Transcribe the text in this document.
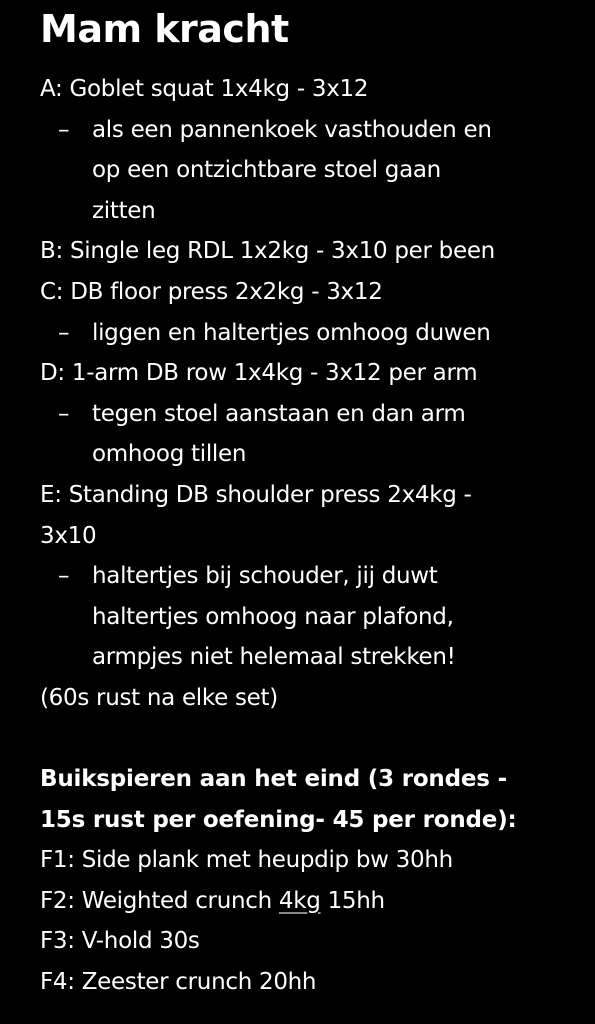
Mam kracht
A: Goblet squat 1x4kg - 3x12
– als een pannenkoek vasthouden en
op een ontzichtbare stoel gaan
zitten
B: Single leg RDL 1x2kg - 3x10 per been
C: DB floor press 2x2kg - 3x12
– liggen en haltertjes omhoog duwen
D: 1-arm DB row 1x4kg - 3x12 per arm
– tegen stoel aanstaan en dan arm
omhoog tillen
E: Standing DB shoulder press 2x4kg -
3x10
– haltertjes bij schouder, jij duwt
haltertjes omhoog naar plafond,
armpjes niet helemaal strekken!
(60s rust na elke set)
Buikspieren aan het eind (3 rondes -
15s rust per oefening- 45 per ronde):
F1: Side plank met heupdip bw 30hh
F2: Weighted crunch 4kg 15hh
F3: V-hold 30s
F4: Zeester crunch 20hh
